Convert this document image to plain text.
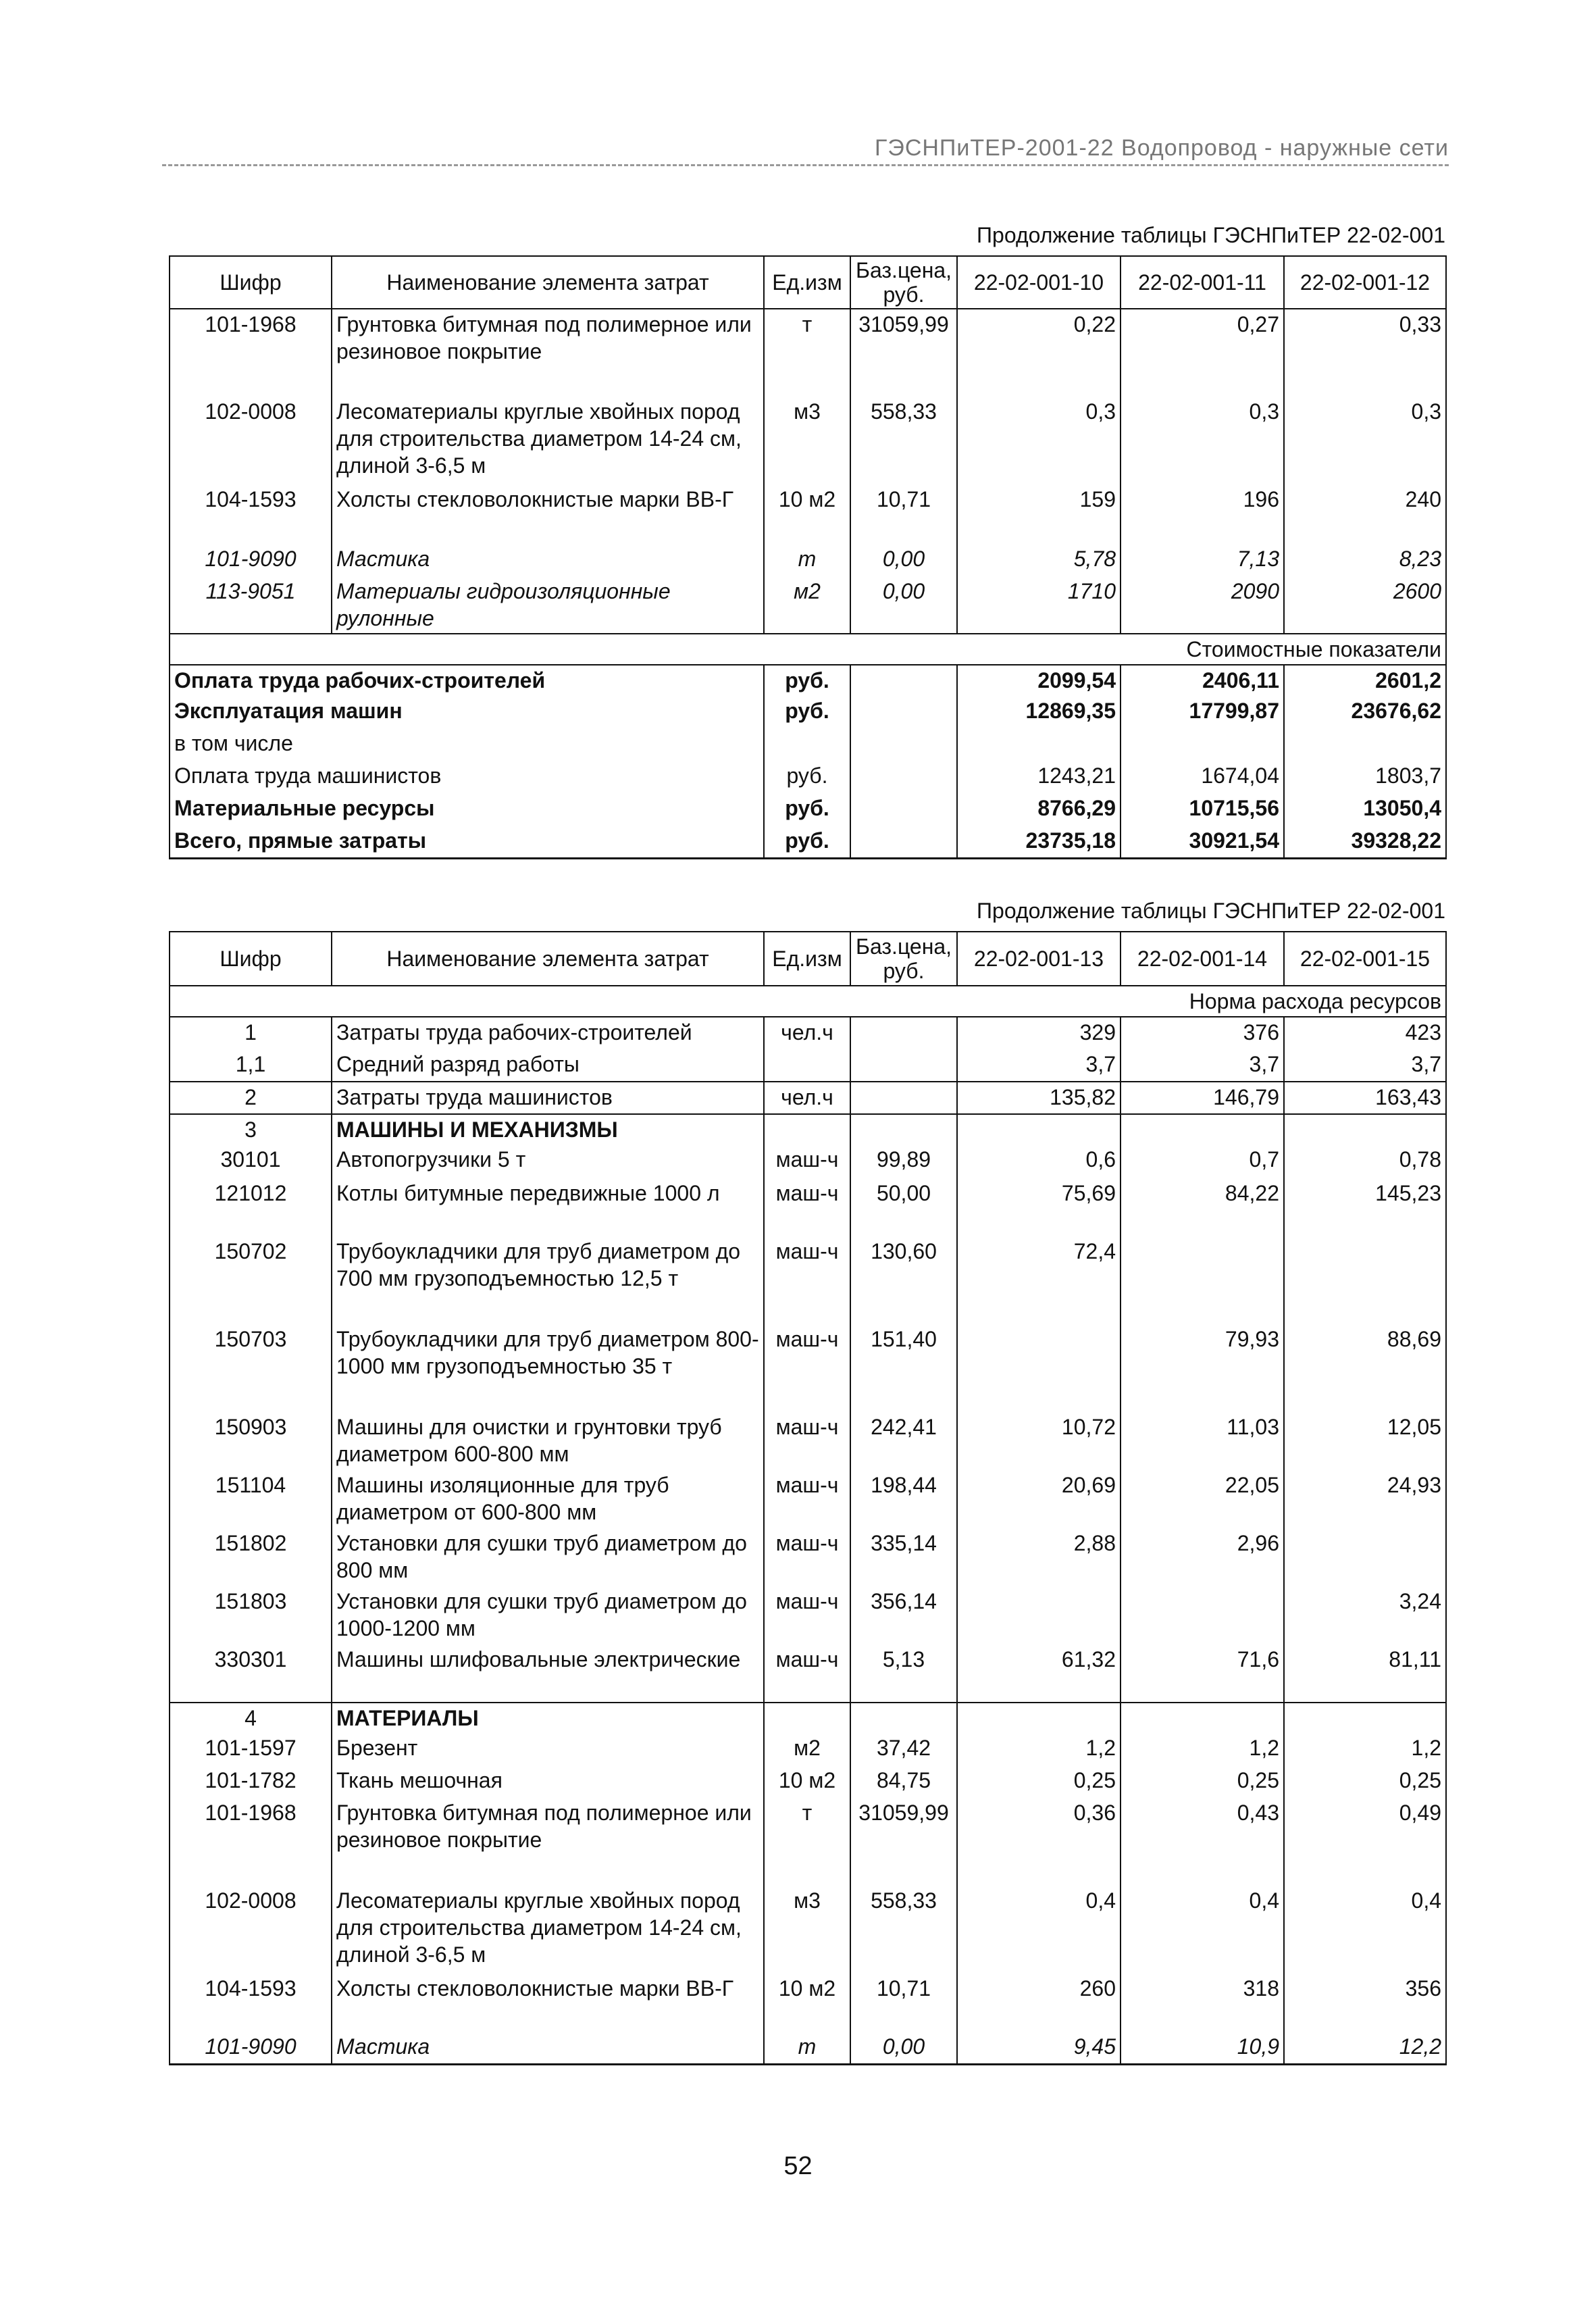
ГЭСНПиТЕР-2001-22 Водопровод - наружные сети
Продолжение таблицы ГЭСНПиТЕР 22-02-001
Шифр	Наименование элемента затрат	Ед.изм	Баз.цена, руб.	22-02-001-10	22-02-001-11	22-02-001-12
101-1968	Грунтовка битумная под полимерное или резиновое покрытие	т	31059,99	0,22	0,27	0,33
102-0008	Лесоматериалы круглые хвойных пород для строительства диаметром 14-24 см, длиной 3-6,5 м	м3	558,33	0,3	0,3	0,3
104-1593	Холсты стекловолокнистые марки ВВ-Г	10 м2	10,71	159	196	240
101-9090	Мастика	т	0,00	5,78	7,13	8,23
113-9051	Материалы гидроизоляционные рулонные	м2	0,00	1710	2090	2600
Стоимостные показатели						
Оплата труда рабочих-строителей		руб.		2099,54	2406,11	2601,2
Эксплуатация машин		руб.		12869,35	17799,87	23676,62
в том числе						
Оплата труда машинистов		руб.		1243,21	1674,04	1803,7
Материальные ресурсы		руб.		8766,29	10715,56	13050,4
Всего, прямые затраты		руб.		23735,18	30921,54	39328,22
Продолжение таблицы ГЭСНПиТЕР 22-02-001
Шифр	Наименование элемента затрат	Ед.изм	Баз.цена, руб.	22-02-001-13	22-02-001-14	22-02-001-15
Норма расхода ресурсов						
1	Затраты труда рабочих-строителей	чел.ч		329	376	423
1,1	Средний разряд работы			3,7	3,7	3,7
2	Затраты труда машинистов	чел.ч		135,82	146,79	163,43
3	МАШИНЫ И МЕХАНИЗМЫ					
30101	Автопогрузчики 5 т	маш-ч	99,89	0,6	0,7	0,78
121012	Котлы битумные передвижные 1000 л	маш-ч	50,00	75,69	84,22	145,23
150702	Трубоукладчики для труб диаметром до 700 мм грузоподъемностью 12,5 т	маш-ч	130,60	72,4		
150703	Трубоукладчики для труб диаметром 800-1000 мм грузоподъемностью 35 т	маш-ч	151,40		79,93	88,69
150903	Машины для очистки и грунтовки труб диаметром 600-800 мм	маш-ч	242,41	10,72	11,03	12,05
151104	Машины изоляционные для труб диаметром от 600-800 мм	маш-ч	198,44	20,69	22,05	24,93
151802	Установки для сушки труб диаметром до 800 мм	маш-ч	335,14	2,88	2,96	
151803	Установки для сушки труб диаметром до 1000-1200 мм	маш-ч	356,14			3,24
330301	Машины шлифовальные электрические	маш-ч	5,13	61,32	71,6	81,11
4	МАТЕРИАЛЫ					
101-1597	Брезент	м2	37,42	1,2	1,2	1,2
101-1782	Ткань мешочная	10 м2	84,75	0,25	0,25	0,25
101-1968	Грунтовка битумная под полимерное или резиновое покрытие	т	31059,99	0,36	0,43	0,49
102-0008	Лесоматериалы круглые хвойных пород для строительства диаметром 14-24 см, длиной 3-6,5 м	м3	558,33	0,4	0,4	0,4
104-1593	Холсты стекловолокнистые марки ВВ-Г	10 м2	10,71	260	318	356
101-9090	Мастика	т	0,00	9,45	10,9	12,2
52
